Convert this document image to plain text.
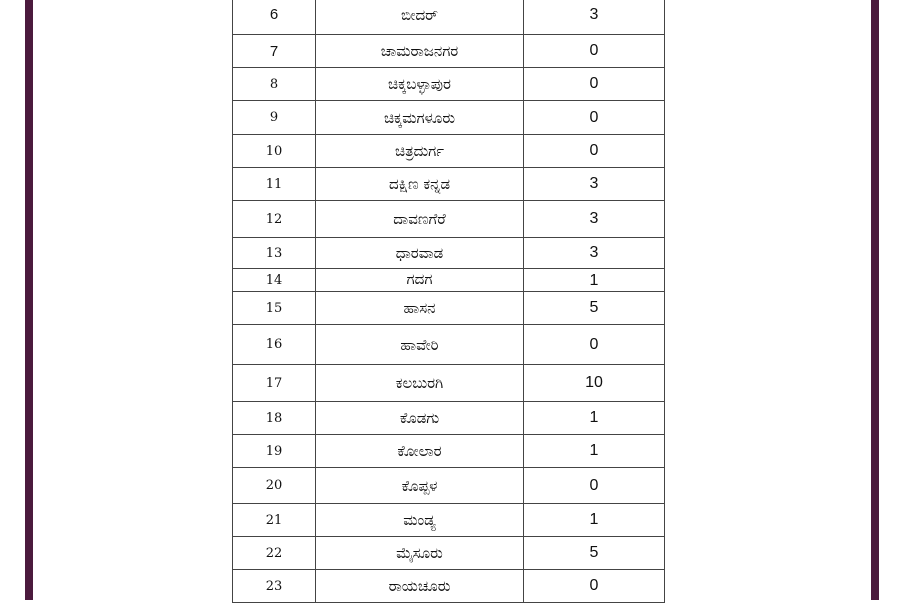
6	ಬೀದರ್	3
7	ಚಾಮರಾಜನಗರ	0
8	ಚಿಕ್ಕಬಳ್ಳಾಪುರ	0
9	ಚಿಕ್ಕಮಗಳೂರು	0
10	ಚಿತ್ರದುರ್ಗ	0
11	ದಕ್ಷಿಣ ಕನ್ನಡ	3
12	ದಾವಣಗೆರೆ	3
13	ಧಾರವಾಡ	3
14	ಗದಗ	1
15	ಹಾಸನ	5
16	ಹಾವೇರಿ	0
17	ಕಲಬುರಗಿ	10
18	ಕೊಡಗು	1
19	ಕೋಲಾರ	1
20	ಕೊಪ್ಪಳ	0
21	ಮಂಡ್ಯ	1
22	ಮೈಸೂರು	5
23	ರಾಯಚೂರು	0
